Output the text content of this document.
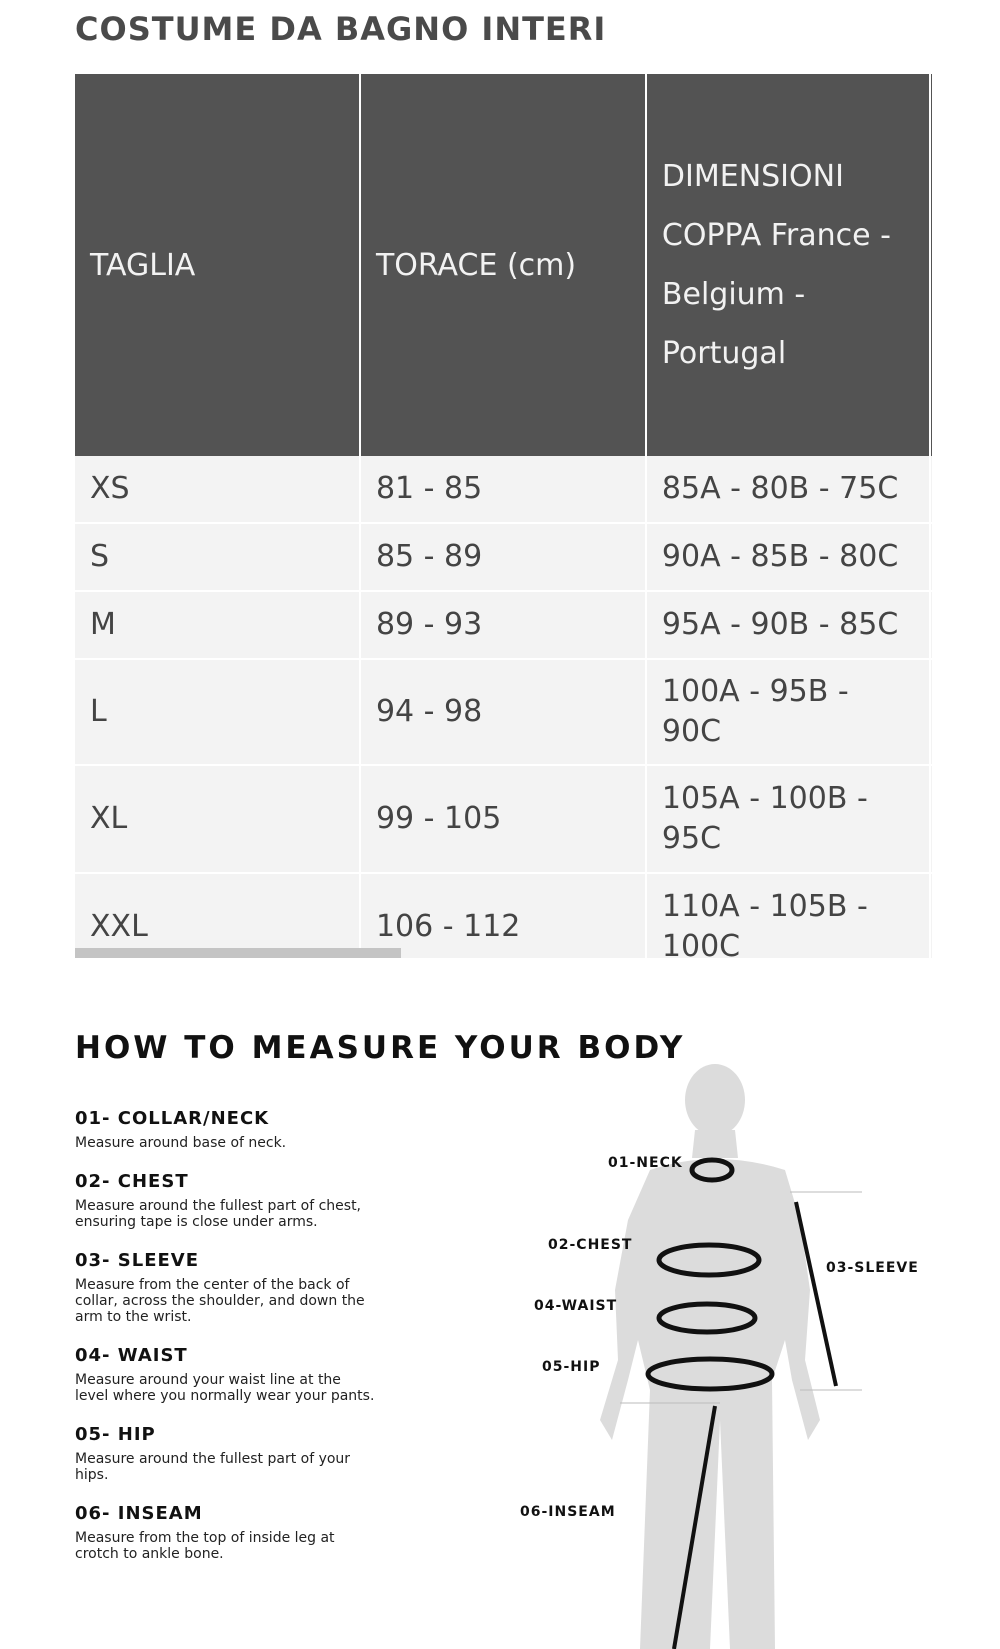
COSTUME DA BAGNO INTERI
TAGLIA	TORACE (cm)	DIMENSIONI COPPA France - Belgium - Portugal	
XS	81 - 85	85A - 80B - 75C	
S	85 - 89	90A - 85B - 80C	
M	89 - 93	95A - 90B - 85C	
L	94 - 98	100A - 95B - 90C	
XL	99 - 105	105A - 100B - 95C	
XXL	106 - 112	110A - 105B - 100C	
HOW TO MEASURE YOUR BODY

01- COLLAR/NECK

Measure around base of neck.

02- CHEST

Measure around the fullest part of chest, ensuring tape is close under arms.

03- SLEEVE

Measure from the center of the back of collar, across the shoulder, and down the arm to the wrist.

04- WAIST

Measure around your waist line at the level where you normally wear your pants.

05- HIP

Measure around the fullest part of your hips.

06- INSEAM

Measure from the top of inside leg at crotch to ankle bone.

01-NECK
02-CHEST
03-SLEEVE
04-WAIST
05-HIP
06-INSEAM
